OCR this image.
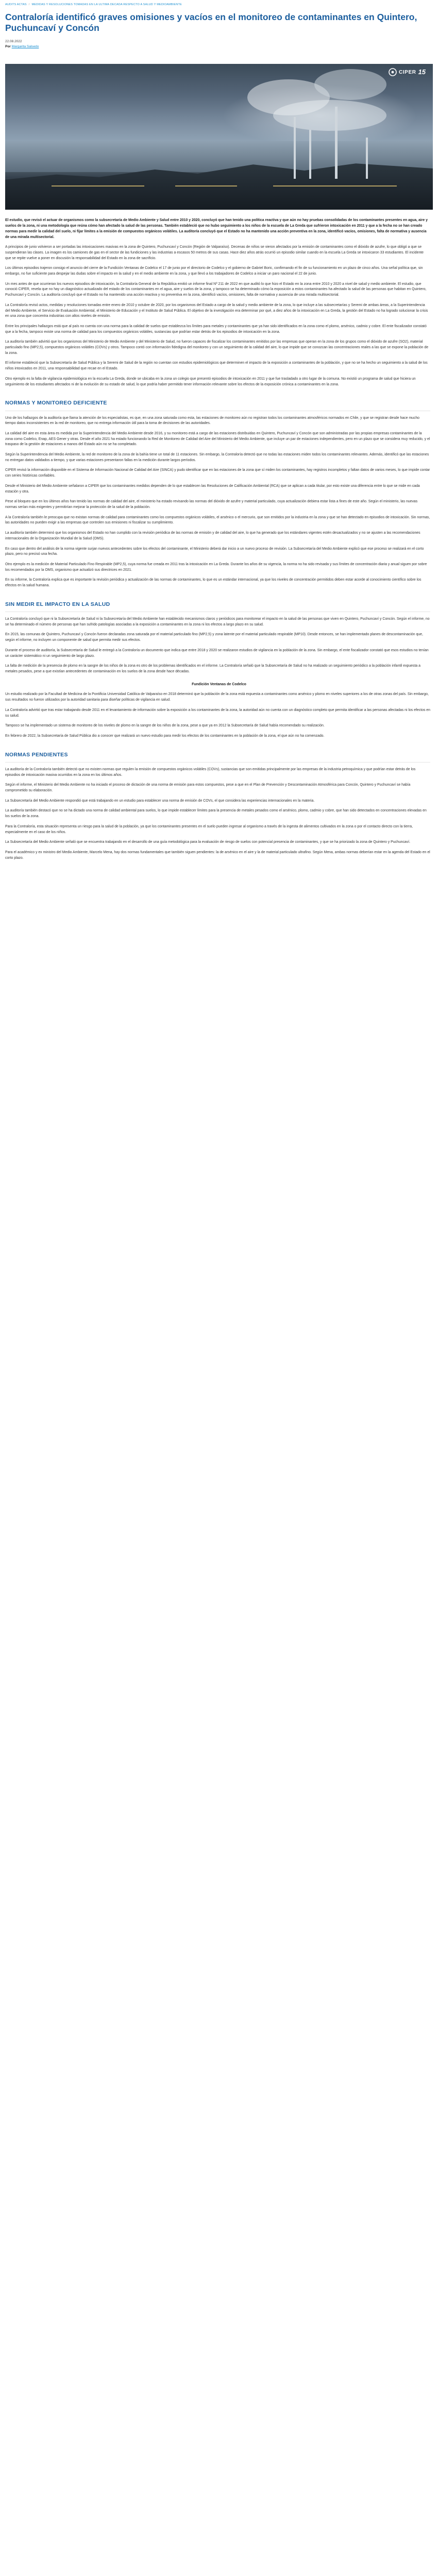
AUDITS ACTAS / MEDIDAS Y RESOLUCIONES TOMADAS EN LA ULTIMA DECADA RESPECTO A SALUD Y MEDIOAMBIENTE
Contraloría identificó graves omisiones y vacíos en el monitoreo de contaminantes en Quintero, Puchuncaví y Concón
22.08.2022
Por Margarita Salsedo
CIPER 15

El estudio, que revisó el actuar de organismos como la subsecretaría de Medio Ambiente y Salud entre 2010 y 2020, concluyó que han tenido una política reactiva y que aún no hay pruebas consolidadas de los contaminantes presentes en agua, aire y suelos de la zona, ni una metodología que reúna cómo han afectado la salud de las personas. También estableció que no hubo seguimiento a los niños de la escuela de La Greda que sufrieron intoxicación en 2011 y que a la fecha no se han creado normas para medir la calidad del suelo, ni fijar límites a la emisión de compuestos orgánicos volátiles. La auditoría concluyó que el Estado no ha mantenido una acción preventiva en la zona, identificó vacíos, omisiones, falta de normativa y ausencia de una mirada multisectorial.

A principios de junio volvieron a ser portadas las intoxicaciones masivas en la zona de Quintero, Puchuncaví y Concón (Región de Valparaíso). Decenas de niños se vieron afectados por la emisión de contaminantes como el dióxido de azufre, lo que obligó a que se suspendieran las clases. La imagen es los camiones de gas en el sector de las fundiciones y las industrias a escasos 50 metros de sus casas. Hace diez años atrás ocurrió un episodio similar cuando en la escuela La Greda se intoxicaron 33 estudiantes. El incidente que se repite vuelve a poner en discusión la responsabilidad del Estado en la zona de sacrificio.

Los últimos episodios trajeron consigo el anuncio del cierre de la Fundición Ventanas de Codelco el 17 de junio por el directorio de Codelco y el gobierno de Gabriel Boric, confirmando el fin de su funcionamiento en un plazo de cinco años. Una señal política que, sin embargo, no fue suficiente para despejar las dudas sobre el impacto en la salud y en el medio ambiente en la zona, y que llevó a los trabajadores de Codelco a iniciar un paro nacional el 22 de junio.

Un mes antes de que ocurrieran los nuevos episodios de intoxicación, la Contraloría General de la República emitió un informe final Nº 211 de 2022 en que auditó lo que hizo el Estado en la zona entre 2010 y 2020 a nivel de salud y medio ambiente. El estudio, que conoció CIPER, revela que no hay un diagnóstico actualizado del estado de los contaminantes en el agua, aire y suelos de la zona, y tampoco se ha determinado cómo la exposición a estos contaminantes ha afectado la salud de las personas que habitan en Quintero, Puchuncaví y Concón. La auditoría concluyó que el Estado no ha mantenido una acción reactiva y no preventiva en la zona, identificó vacíos, omisiones, falta de normativa y ausencia de una mirada multisectorial.

La Contraloría revisó actos, medidas y resoluciones tomadas entre enero de 2010 y octubre de 2020, por los organismos del Estado a cargo de la salud y medio ambiente de la zona, lo que incluye a las subsecretarías y Seremi de ambas áreas, a la Superintendencia del Medio Ambiente, el Servicio de Evaluación Ambiental, el Ministerio de Educación y el Instituto de Salud Pública. El objetivo de la investigación era determinar por qué, a diez años de la intoxicación en La Greda, la gestión del Estado no ha logrado solucionar la crisis en una zona que concentra industrias con altos niveles de emisión.

Entre los principales hallazgos está que al país no cuenta con una norma para la calidad de suelos que establezca los límites para metales y contaminantes que ya han sido identificados en la zona como el plomo, arsénico, cadmio y cobre. El ente fiscalizador constató que a la fecha, tampoco existe una norma de calidad para los compuestos orgánicos volátiles, sustancias que podrían estar detrás de los episodios de intoxicación en la zona.

La auditoría también advirtió que los organismos del Ministerio de Medio Ambiente y del Ministerio de Salud, no fueron capaces de fiscalizar los contaminantes emitidos por las empresas que operan en la zona de los grupos como el dióxido de azufre (SO2), material particulado fino (MP2,5), compuestos orgánicos volátiles (COVs) y otros. Tampoco contó con información fidedigna del monitoreo y con un seguimiento de la calidad del aire, lo que impide que se conozcan las concentraciones reales a las que se expone la población de la zona.

El informe estableció que la Subsecretaría de Salud Pública y la Seremi de Salud de la región no cuentan con estudios epidemiológicos que determinen el impacto de la exposición a contaminantes de la población, y que no se ha hecho un seguimiento a la salud de los niños intoxicados en 2011, una responsabilidad que recae en el Estado.

Otro ejemplo es la falta de vigilancia epidemiológica en la escuela La Greda, donde se ubicaba en la zona un colegio que presentó episodios de intoxicación en 2011 y que fue trasladado a otro lugar de la comuna. No existió un programa de salud que hiciera un seguimiento de los estudiantes afectados ni de la evolución de su estado de salud, lo que podría haber permitido tener información relevante sobre los efectos de la exposición crónica a contaminantes en la zona.

NORMAS Y MONITOREO DEFICIENTE

Uno de los hallazgos de la auditoría que llama la atención de los especialistas, es que, en una zona saturada como esta, las estaciones de monitoreo aún no registran todos los contaminantes atmosféricos normados en Chile, y que se registran desde hace mucho tiempo datos inconsistentes en la red de monitoreo, que no entrega información útil para la toma de decisiones de las autoridades.

La calidad del aire en esta área es medida por la Superintendencia del Medio Ambiente desde 2016, y su monitoreo está a cargo de las estaciones distribuidas en Quintero, Puchuncaví y Concón que son administradas por las propias empresas contaminantes de la zona como Codelco, Enap, AES Gener y otras. Desde el año 2021 ha estado funcionando la Red de Monitoreo de Calidad del Aire del Ministerio del Medio Ambiente, que incluye un par de estaciones independientes, pero en un plazo que se considera muy reducido, y el traspaso de la gestión de estaciones a manos del Estado aún no se ha completado.

Según la Superintendencia del Medio Ambiente, la red de monitoreo de la zona de la bahía tiene un total de 11 estaciones. Sin embargo, la Contraloría detectó que no todas las estaciones miden todos los contaminantes relevantes. Además, identificó que las estaciones no entregan datos validados a tiempo, y que varias estaciones presentaron fallas en la medición durante largos períodos.

CIPER revisó la información disponible en el Sistema de Información Nacional de Calidad del Aire (SINCA) y pudo identificar que en las estaciones de la zona que sí miden los contaminantes, hay registros incompletos y faltan datos de varios meses, lo que impide contar con series históricas confiables.

Desde el Ministerio del Medio Ambiente señalaron a CIPER que los contaminantes medidos dependen de lo que establecen las Resoluciones de Calificación Ambiental (RCA) que se aplican a cada titular, por esto existe una diferencia entre lo que se mide en cada estación y otra.

Pese al bloqueo que en los últimos años han tenido las normas de calidad del aire, el ministerio ha estado revisando las normas del dióxido de azufre y material particulado, cuya actualización debiera estar lista a fines de este año. Según el ministerio, las nuevas normas serían más exigentes y permitirían mejorar la protección de la salud de la población.

A la Contraloría también le preocupa que no existan normas de calidad para contaminantes como los compuestos orgánicos volátiles, el arsénico o el mercurio, que son emitidos por la industria en la zona y que se han detectado en episodios de intoxicación. Sin normas, las autoridades no pueden exigir a las empresas que controlen sus emisiones ni fiscalizar su cumplimiento.

La auditoría también determinó que los organismos del Estado no han cumplido con la revisión periódica de las normas de emisión y de calidad del aire, lo que ha generado que los estándares vigentes estén desactualizados y no se ajusten a las recomendaciones internacionales de la Organización Mundial de la Salud (OMS).

En caso que dentro del análisis de la norma vigente surjan nuevos antecedentes sobre los efectos del contaminante, el Ministerio deberá dar inicio a un nuevo proceso de revisión. La Subsecretaría del Medio Ambiente explicó que ese proceso se realizará en el corto plazo, pero no precisó una fecha.

Otro ejemplo es la medición de Material Particulado Fino Respirable (MP2,5), cuya norma fue creada en 2011 tras la intoxicación en La Greda. Durante los años de su vigencia, la norma no ha sido revisada y sus límites de concentración diaria y anual siguen por sobre los recomendados por la OMS, organismo que actualizó sus directrices en 2021.

En su informe, la Contraloría explica que es importante la revisión periódica y actualización de las normas de contaminantes, lo que es un estándar internacional, ya que los niveles de concentración permitidos deben estar acorde al conocimiento científico sobre los efectos en la salud humana.

SIN MEDIR EL IMPACTO EN LA SALUD

La Contraloría concluyó que ni la Subsecretaría de Salud ni la Subsecretaría del Medio Ambiente han establecido mecanismos claros y periódicos para monitorear el impacto en la salud de las personas que viven en Quintero, Puchuncaví y Concón. Según el informe, no se ha determinado el número de personas que han sufrido patologías asociadas a la exposición a contaminantes en la zona ni los efectos a largo plazo en su salud.

En 2015, las comunas de Quintero, Puchuncaví y Concón fueron declaradas zona saturada por el material particulado fino (MP2,5) y zona latente por el material particulado respirable (MP10). Desde entonces, se han implementado planes de descontaminación que, según el informe, no incluyen un componente de salud que permita medir sus efectos.

Durante el proceso de auditoría, la Subsecretaría de Salud le entregó a la Contraloría un documento que indica que entre 2018 y 2020 se realizaron estudios de vigilancia en la población de la zona. Sin embargo, el ente fiscalizador constató que esos estudios no tenían un carácter sistemático ni un seguimiento de largo plazo.

La falta de medición de la presencia de plomo en la sangre de los niños de la zona es otro de los problemas identificados en el informe. La Contraloría señaló que la Subsecretaría de Salud no ha realizado un seguimiento periódico a la población infantil expuesta a metales pesados, pese a que existían antecedentes de contaminación en los suelos de la zona desde hace décadas.

Fundición Ventanas de Codelco

Un estudio realizado por la Facultad de Medicina de la Pontificia Universidad Católica de Valparaíso en 2018 determinó que la población de la zona está expuesta a contaminantes como arsénico y plomo en niveles superiores a los de otras zonas del país. Sin embargo, sus resultados no fueron utilizados por la autoridad sanitaria para diseñar políticas de vigilancia en salud.

La Contraloría advirtió que tras estar trabajando desde 2011 en el levantamiento de información sobre la exposición a los contaminantes de la zona, la autoridad aún no cuenta con un diagnóstico completo que permita identificar a las personas afectadas ni los efectos en su salud.

Tampoco se ha implementado un sistema de monitoreo de los niveles de plomo en la sangre de los niños de la zona, pese a que ya en 2012 la Subsecretaría de Salud había recomendado su realización.

En febrero de 2022, la Subsecretaría de Salud Pública dio a conocer que realizará un nuevo estudio para medir los efectos de los contaminantes en la población de la zona, el que aún no ha comenzado.

NORMAS PENDIENTES

La auditoría de la Contraloría también detectó que no existen normas que regulen la emisión de compuestos orgánicos volátiles (COVs), sustancias que son emitidas principalmente por las empresas de la industria petroquímica y que podrían estar detrás de los episodios de intoxicación masiva ocurridos en la zona en los últimos años.

Según el informe, el Ministerio del Medio Ambiente no ha iniciado el proceso de dictación de una norma de emisión para estos compuestos, pese a que en el Plan de Prevención y Descontaminación Atmosférica para Concón, Quintero y Puchuncaví se había comprometido su elaboración.

La Subsecretaría del Medio Ambiente respondió que está trabajando en un estudio para establecer una norma de emisión de COVs, el que considera las experiencias internacionales en la materia.

La auditoría también destacó que no se ha dictado una norma de calidad ambiental para suelos, lo que impide establecer límites para la presencia de metales pesados como el arsénico, plomo, cadmio y cobre, que han sido detectados en concentraciones elevadas en los suelos de la zona.

Para la Contraloría, esta situación representa un riesgo para la salud de la población, ya que los contaminantes presentes en el suelo pueden ingresar al organismo a través de la ingesta de alimentos cultivados en la zona o por el contacto directo con la tierra, especialmente en el caso de los niños.

La Subsecretaría del Medio Ambiente señaló que se encuentra trabajando en el desarrollo de una guía metodológica para la evaluación de riesgo de suelos con potencial presencia de contaminantes, y que se ha priorizado la zona de Quintero y Puchuncaví.

Para el académico y ex ministro del Medio Ambiente, Marcelo Mena, hay dos normas fundamentales que también siguen pendientes: la de arsénico en el aire y la de material particulado ultrafino. Según Mena, ambas normas deberían estar en la agenda del Estado en el corto plazo.
